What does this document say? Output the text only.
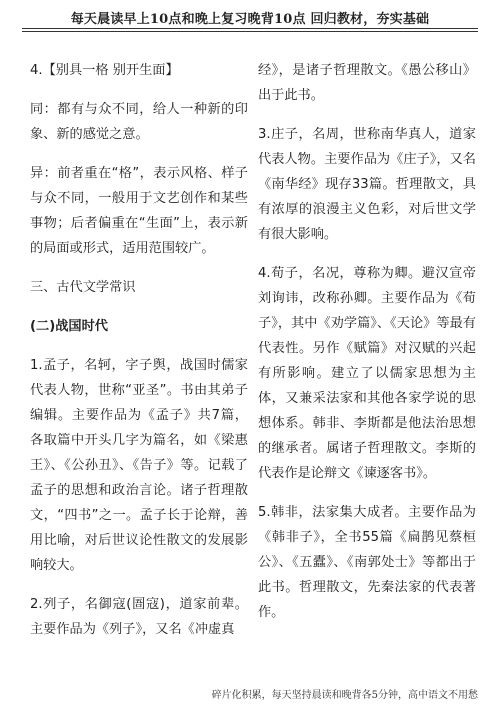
每天晨读早上10点和晚上复习晚背10点 回归教材，夯实基础

4.【别具一格 别开生面】

同：都有与众不同，给人一种新的印象、新的感觉之意。

异：前者重在“格”，表示风格、样子与众不同，一般用于文艺创作和某些事物；后者偏重在“生面”上，表示新的局面或形式，适用范围较广。

三、古代文学常识

(二)战国时代

1.孟子，名轲，字子舆，战国时儒家代表人物，世称“亚圣”。书由其弟子编辑。主要作品为《孟子》共7篇，各取篇中开头几字为篇名，如《梁惠王》、《公孙丑》、《告子》等。记载了孟子的思想和政治言论。诸子哲理散文，“四书”之一。孟子长于论辩，善用比喻，对后世议论性散文的发展影响较大。

2.列子，名御寇(圄寇)，道家前辈。主要作品为《列子》，又名《冲虚真

经》，是诸子哲理散文。《愚公移山》出于此书。

3.庄子，名周，世称南华真人，道家代表人物。主要作品为《庄子》，又名《南华经》现存33篇。哲理散文，具有浓厚的浪漫主义色彩，对后世文学有很大影响。

4.荀子，名况，尊称为卿。避汉宣帝刘询讳，改称孙卿。主要作品为《荀子》，其中《劝学篇》、《天论》等最有代表性。另作《赋篇》对汉赋的兴起有所影响。建立了以儒家思想为主体，又兼采法家和其他各家学说的思想体系。韩非、李斯都是他法治思想的继承者。属诸子哲理散文。李斯的代表作是论辩文《谏逐客书》。

5.韩非，法家集大成者。主要作品为《韩非子》，全书55篇《扁鹊见蔡桓公》、《五蠹》、《南郭处士》等都出于此书。哲理散文，先秦法家的代表著作。

碎片化积累，每天坚持晨读和晚背各5分钟，高中语文不用愁
